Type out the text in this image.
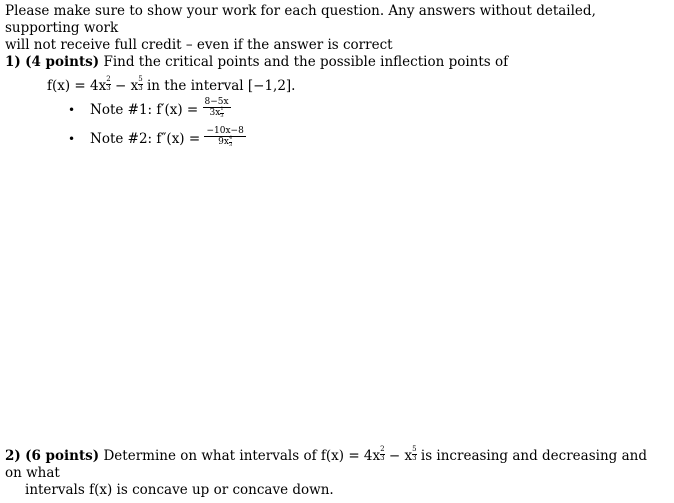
Please make sure to show your work for each question. Any answers without detailed, supporting work
will not receive full credit – even if the answer is correct
1) (4 points) Find the critical points and the possible inflection points of
f(x) = 4x $^{\frac{2}{3}}$ − x $^{\frac{5}{3}}$ in the interval [−1,2].
• Note #1: f′(x) = 8−5x
3x $^{\frac{1}{3}}$
• Note #2: f″(x) = −10x−8
9x $^{\frac{4}{3}}$
2) (6 points) Determine on what intervals of f(x) = 4x $^{\frac{2}{3}}$ − x $^{\frac{5}{3}}$ is increasing and decreasing and on what
intervals f(x) is concave up or concave down.
